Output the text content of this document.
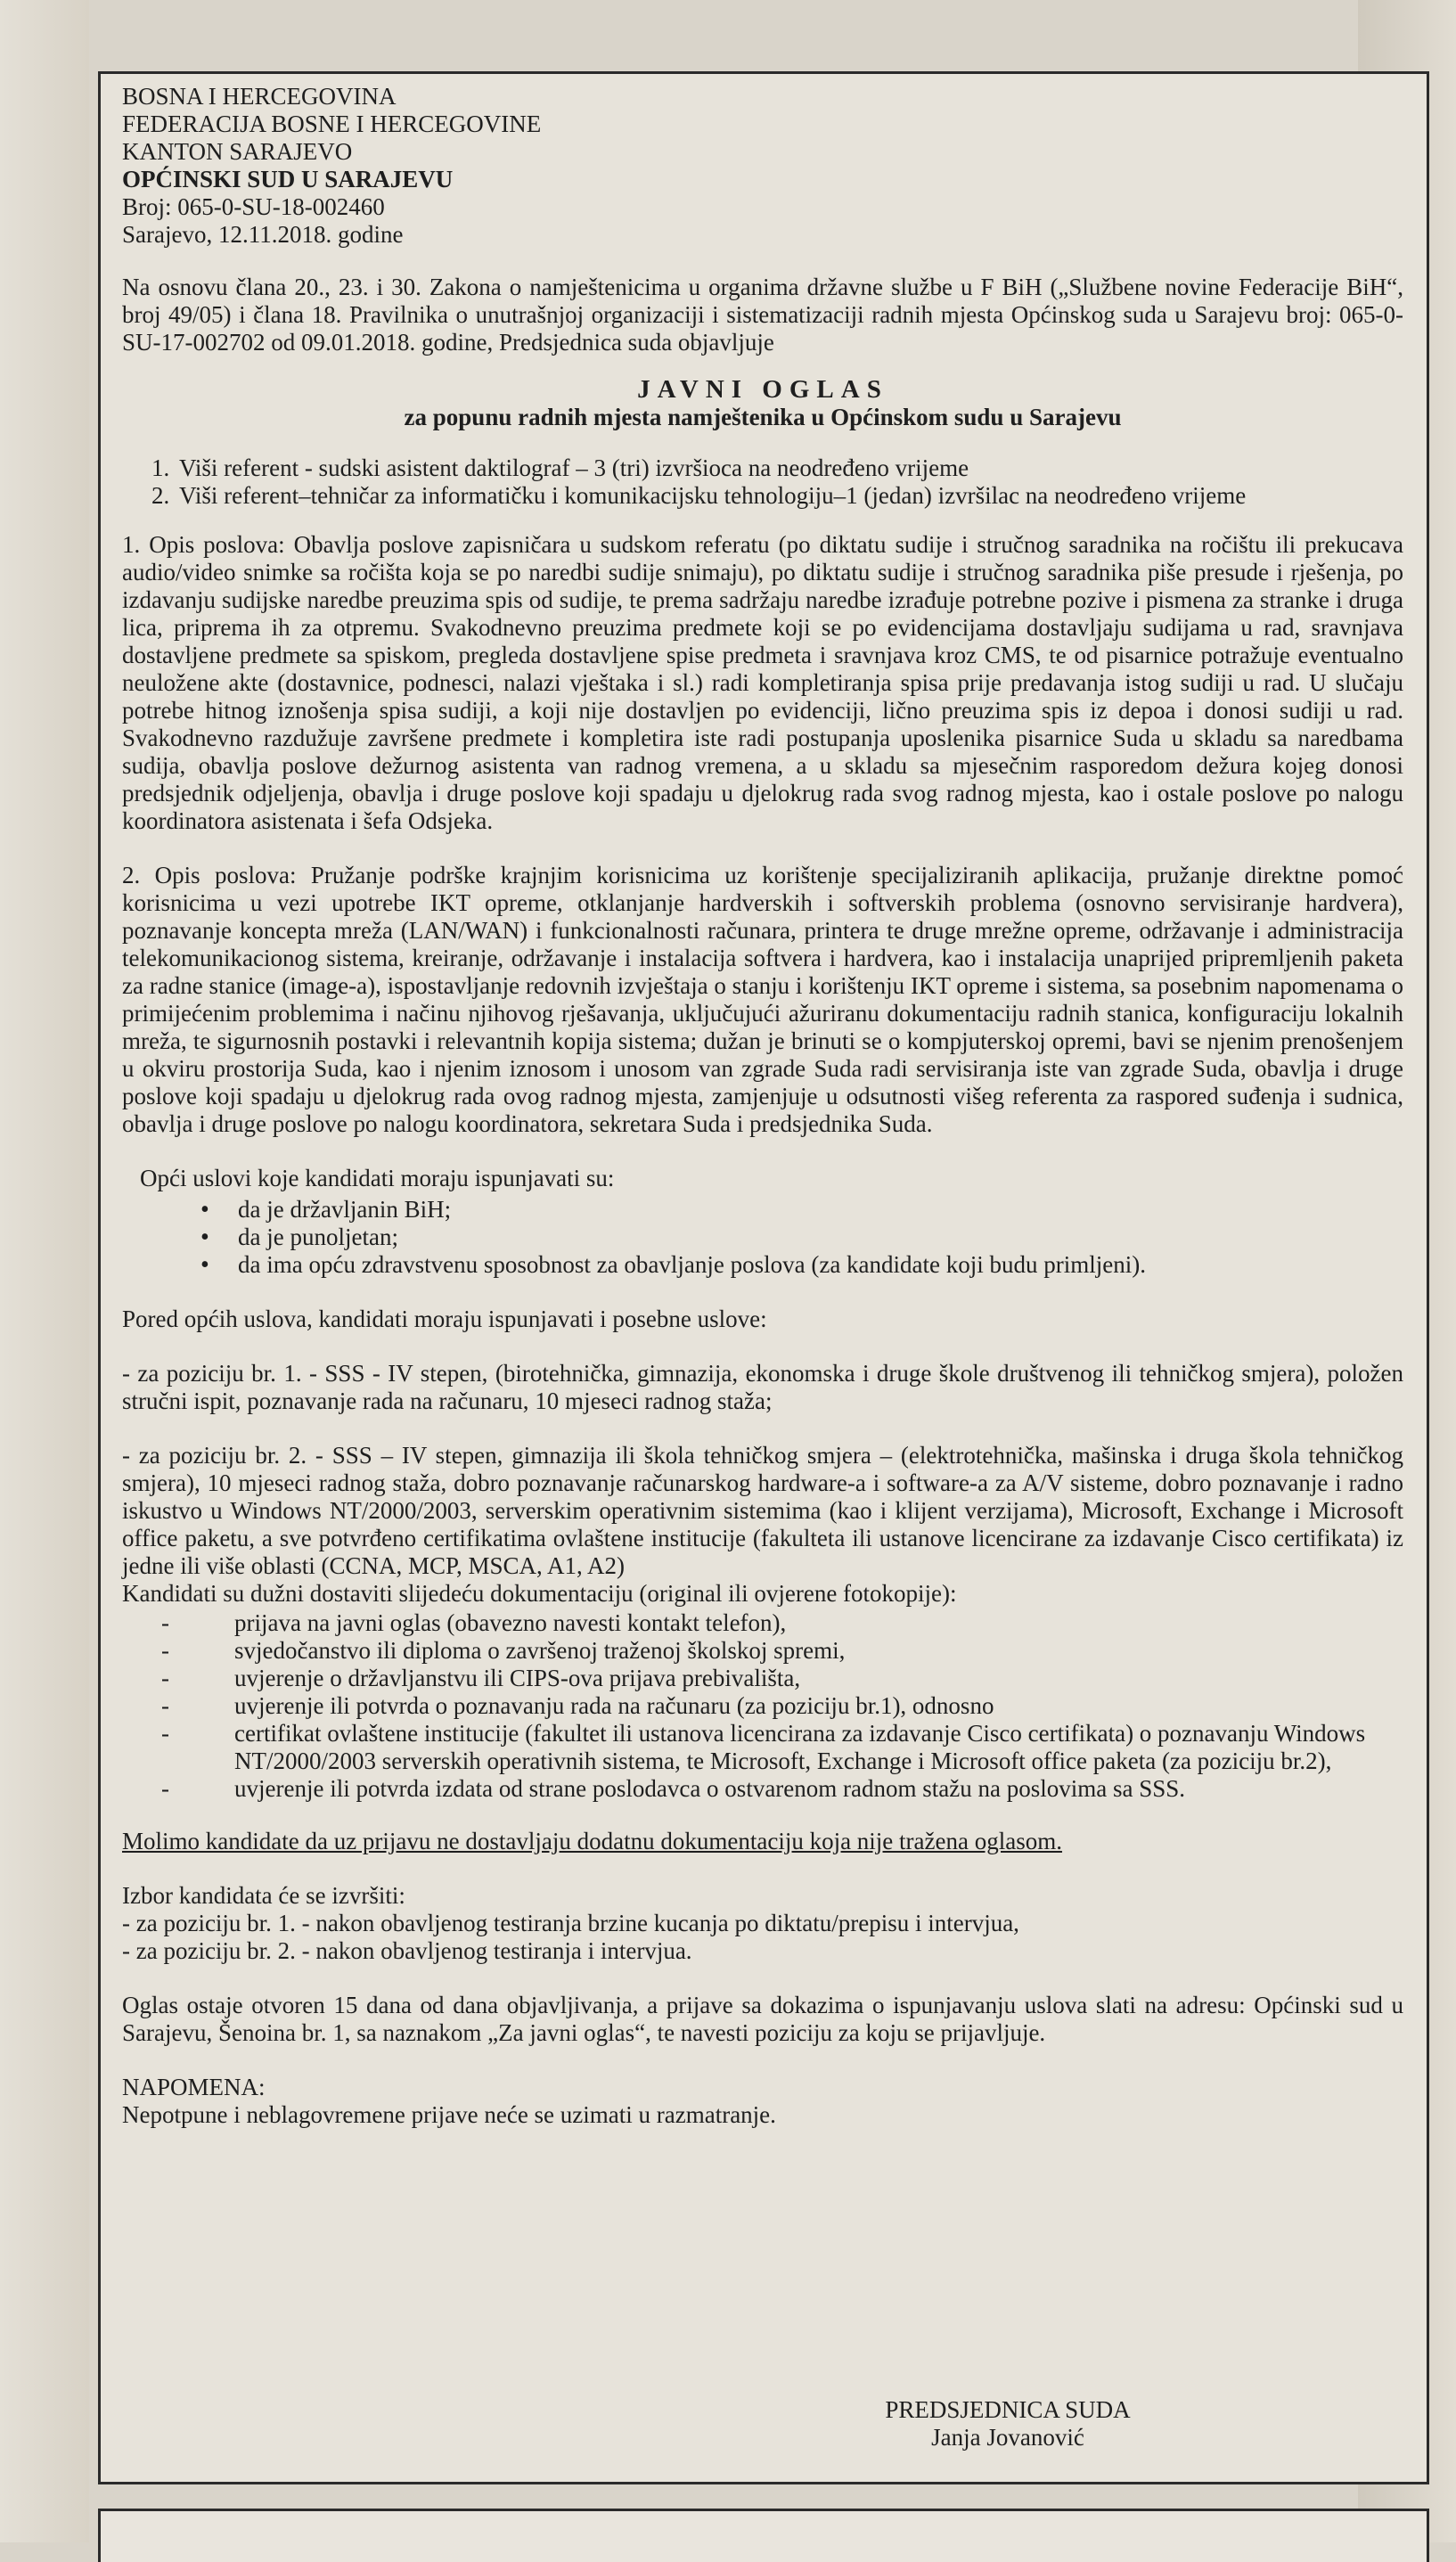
BOSNA I HERCEGOVINA
FEDERACIJA BOSNE I HERCEGOVINE
KANTON SARAJEVO
OPĆINSKI SUD U SARAJEVU
Broj: 065-0-SU-18-002460
Sarajevo, 12.11.2018. godine

Na osnovu člana 20., 23. i 30. Zakona o namještenicima u organima državne službe u F BiH („Službene novine Federacije BiH“, broj 49/05) i člana 18. Pravilnika o unutrašnjoj organizaciji i sistematizaciji radnih mjesta Općinskog suda u Sarajevu broj: 065-0-SU-17-002702 od 09.01.2018. godine, Predsjednica suda objavljuje

JAVNI OGLAS
za popunu radnih mjesta namještenika u Općinskom sudu u Sarajevu
1. Viši referent - sudski asistent daktilograf – 3 (tri) izvršioca na neodređeno vrijeme
2. Viši referent–tehničar za informatičku i komunikacijsku tehnologiju–1 (jedan) izvršilac na neodređeno vrijeme

1. Opis poslova: Obavlja poslove zapisničara u sudskom referatu (po diktatu sudije i stručnog saradnika na ročištu ili prekucava audio/video snimke sa ročišta koja se po naredbi sudije snimaju), po diktatu sudije i stručnog saradnika piše presude i rješenja, po izdavanju sudijske naredbe preuzima spis od sudije, te prema sadržaju naredbe izrađuje potrebne pozive i pismena za stranke i druga lica, priprema ih za otpremu. Svakodnevno preuzima predmete koji se po evidencijama dostavljaju sudijama u rad, sravnjava dostavljene predmete sa spiskom, pregleda dostavljene spise predmeta i sravnjava kroz CMS, te od pisarnice potražuje eventualno neuložene akte (dostavnice, podnesci, nalazi vještaka i sl.) radi kompletiranja spisa prije predavanja istog sudiji u rad. U slučaju potrebe hitnog iznošenja spisa sudiji, a koji nije dostavljen po evidenciji, lično preuzima spis iz depoa i donosi sudiji u rad. Svakodnevno razdužuje završene predmete i kompletira iste radi postupanja uposlenika pisarnice Suda u skladu sa naredbama sudija, obavlja poslove dežurnog asistenta van radnog vremena, a u skladu sa mjesečnim rasporedom dežura kojeg donosi predsjednik odjeljenja, obavlja i druge poslove koji spadaju u djelokrug rada svog radnog mjesta, kao i ostale poslove po nalogu koordinatora asistenata i šefa Odsjeka.

2. Opis poslova: Pružanje podrške krajnjim korisnicima uz korištenje specijaliziranih aplikacija, pružanje direktne pomoć korisnicima u vezi upotrebe IKT opreme, otklanjanje hardverskih i softverskih problema (osnovno servisiranje hardvera), poznavanje koncepta mreža (LAN/WAN) i funkcionalnosti računara, printera te druge mrežne opreme, održavanje i administracija telekomunikacionog sistema, kreiranje, održavanje i instalacija softvera i hardvera, kao i instalacija unaprijed pripremljenih paketa za radne stanice (image-a), ispostavljanje redovnih izvještaja o stanju i korištenju IKT opreme i sistema, sa posebnim napomenama o primijećenim problemima i načinu njihovog rješavanja, uključujući ažuriranu dokumentaciju radnih stanica, konfiguraciju lokalnih mreža, te sigurnosnih postavki i relevantnih kopija sistema; dužan je brinuti se o kompjuterskoj opremi, bavi se njenim prenošenjem u okviru prostorija Suda, kao i njenim iznosom i unosom van zgrade Suda radi servisiranja iste van zgrade Suda, obavlja i druge poslove koji spadaju u djelokrug rada ovog radnog mjesta, zamjenjuje u odsutnosti višeg referenta za raspored suđenja i sudnica, obavlja i druge poslove po nalogu koordinatora, sekretara Suda i predsjednika Suda.

Opći uslovi koje kandidati moraju ispunjavati su:

• da je državljanin BiH;
• da je punoljetan;
• da ima opću zdravstvenu sposobnost za obavljanje poslova (za kandidate koji budu primljeni).

Pored općih uslova, kandidati moraju ispunjavati i posebne uslove:

- za poziciju br. 1. - SSS - IV stepen, (birotehnička, gimnazija, ekonomska i druge škole društvenog ili tehničkog smjera), položen stručni ispit, poznavanje rada na računaru, 10 mjeseci radnog staža;

- za poziciju br. 2. - SSS – IV stepen, gimnazija ili škola tehničkog smjera – (elektrotehnička, mašinska i druga škola tehničkog smjera), 10 mjeseci radnog staža, dobro poznavanje računarskog hardware-a i software-a za A/V sisteme, dobro poznavanje i radno iskustvo u Windows NT/2000/2003, serverskim operativnim sistemima (kao i klijent verzijama), Microsoft, Exchange i Microsoft office paketu, a sve potvrđeno certifikatima ovlaštene institucije (fakulteta ili ustanove licencirane za izdavanje Cisco certifikata) iz jedne ili više oblasti (CCNA, MCP, MSCA, A1, A2)

Kandidati su dužni dostaviti slijedeću dokumentaciju (original ili ovjerene fotokopije):

- prijava na javni oglas (obavezno navesti kontakt telefon),
- svjedočanstvo ili diploma o završenoj traženoj školskoj spremi,
- uvjerenje o državljanstvu ili CIPS-ova prijava prebivališta,
- uvjerenje ili potvrda o poznavanju rada na računaru (za poziciju br.1), odnosno
- certifikat ovlaštene institucije (fakultet ili ustanova licencirana za izdavanje Cisco certifikata) o poznavanju Windows NT/2000/2003 serverskih operativnih sistema, te Microsoft, Exchange i Microsoft office paketa (za poziciju br.2),
- uvjerenje ili potvrda izdata od strane poslodavca o ostvarenom radnom stažu na poslovima sa SSS.

Molimo kandidate da uz prijavu ne dostavljaju dodatnu dokumentaciju koja nije tražena oglasom.

Izbor kandidata će se izvršiti:

- za poziciju br. 1. - nakon obavljenog testiranja brzine kucanja po diktatu/prepisu i intervjua,

- za poziciju br. 2. - nakon obavljenog testiranja i intervjua.

Oglas ostaje otvoren 15 dana od dana objavljivanja, a prijave sa dokazima o ispunjavanju uslova slati na adresu: Općinski sud u Sarajevu, Šenoina br. 1, sa naznakom „Za javni oglas“, te navesti poziciju za koju se prijavljuje.

NAPOMENA:

Nepotpune i neblagovremene prijave neće se uzimati u razmatranje.

PREDSJEDNICA SUDA
Janja Jovanović
